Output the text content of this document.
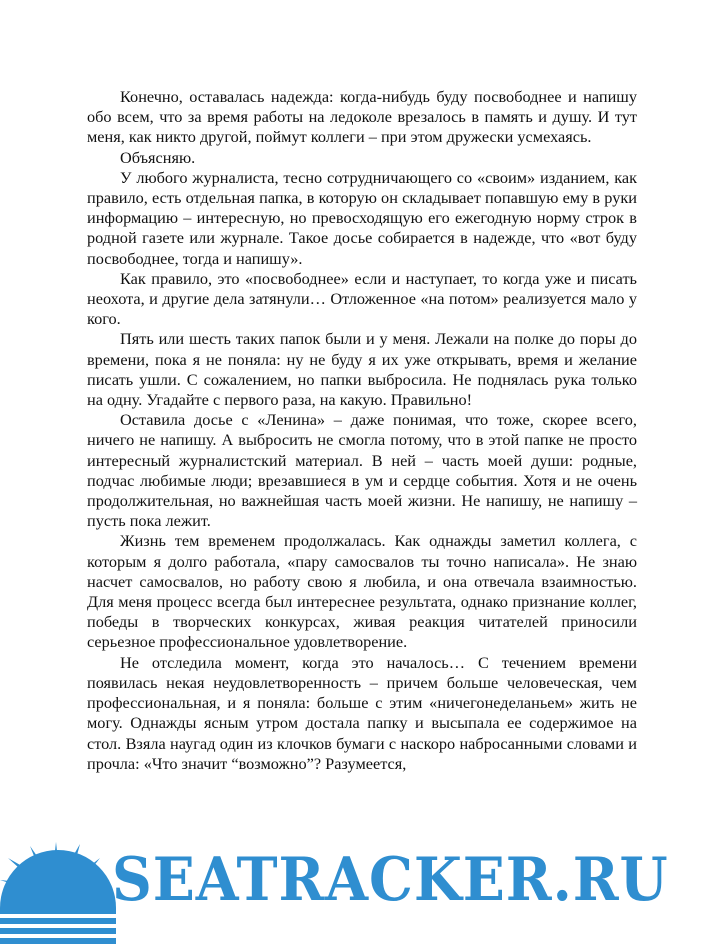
Конечно, оставалась надежда: когда-нибудь буду посвободнее и напишу обо всем, что за время работы на ледоколе врезалось в память и душу. И тут меня, как никто другой, поймут коллеги – при этом дружески усмехаясь.

Объясняю.

У любого журналиста, тесно сотрудничающего со «своим» изданием, как правило, есть отдельная папка, в которую он складывает попавшую ему в руки информацию – интересную, но превосходящую его ежегодную норму строк в родной газете или журнале. Такое досье собирается в надежде, что «вот буду посвободнее, тогда и напишу».

Как правило, это «посвободнее» если и наступает, то когда уже и писать неохота, и другие дела затянули… Отложенное «на потом» реализуется мало у кого.

Пять или шесть таких папок были и у меня. Лежали на полке до поры до времени, пока я не поняла: ну не буду я их уже открывать, время и желание писать ушли. С сожалением, но папки выбросила. Не поднялась рука только на одну. Угадайте с первого раза, на какую. Правильно!

Оставила досье с «Ленина» – даже понимая, что тоже, скорее всего, ничего не напишу. А выбросить не смогла потому, что в этой папке не просто интересный журналистский материал. В ней – часть моей души: родные, подчас любимые люди; врезавшиеся в ум и сердце события. Хотя и не очень продолжительная, но важнейшая часть моей жизни. Не напишу, не напишу – пусть пока лежит.

Жизнь тем временем продолжалась. Как однажды заметил коллега, с которым я долго работала, «пару самосвалов ты точно написала». Не знаю насчет самосвалов, но работу свою я любила, и она отвечала взаимностью. Для меня процесс всегда был интереснее результата, однако признание коллег, победы в творческих конкурсах, живая реакция читателей приносили серьезное профессиональное удовлетворение.

Не отследила момент, когда это началось… С течением времени появилась некая неудовлетворенность – причем больше человеческая, чем профессиональная, и я поняла: больше с этим «ничегонеделаньем» жить не могу. Однажды ясным утром достала папку и высыпала ее содержимое на стол. Взяла наугад один из клочков бумаги с наскоро набросанными словами и прочла: «Что значит “возможно”? Разумеется,

SEATRACKER.RU
